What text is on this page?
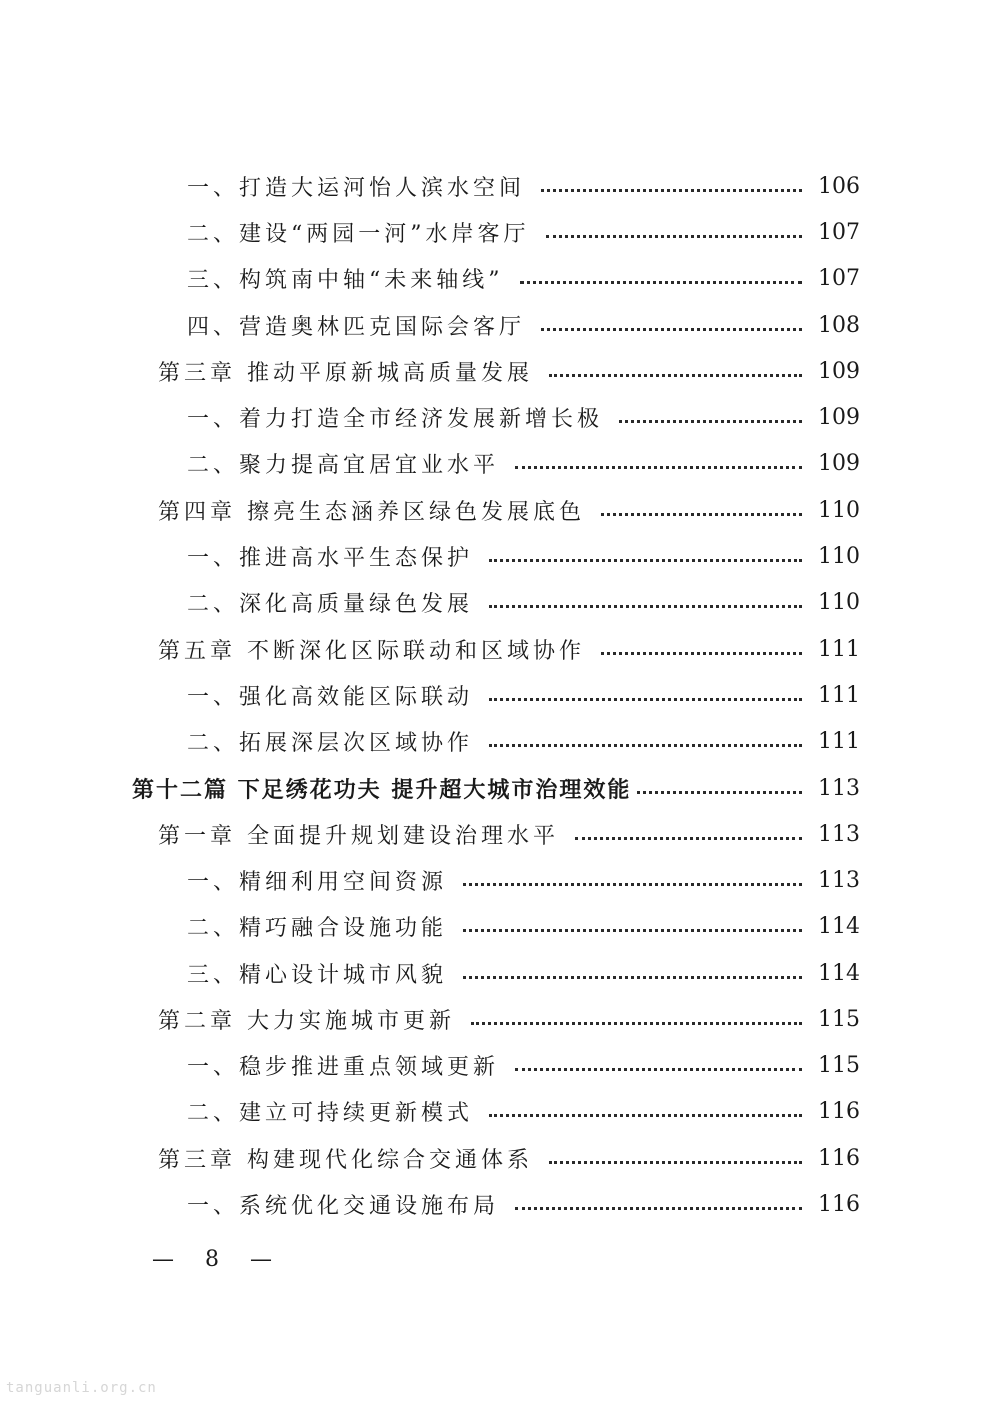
一、打造大运河怡人滨水空间	106
二、建设“两园一河”水岸客厅	107
三、构筑南中轴“未来轴线”	107
四、营造奥林匹克国际会客厅	108
第三章 推动平原新城高质量发展	109
一、着力打造全市经济发展新增长极	109
二、聚力提高宜居宜业水平	109
第四章 擦亮生态涵养区绿色发展底色	110
一、推进高水平生态保护	110
二、深化高质量绿色发展	110
第五章 不断深化区际联动和区域协作	111
一、强化高效能区际联动	111
二、拓展深层次区域协作	111
第十二篇 下足绣花功夫 提升超大城市治理效能	113
第一章 全面提升规划建设治理水平	113
一、精细利用空间资源	113
二、精巧融合设施功能	114
三、精心设计城市风貌	114
第二章 大力实施城市更新	115
一、稳步推进重点领域更新	115
二、建立可持续更新模式	116
第三章 构建现代化综合交通体系	116
一、系统优化交通设施布局	116
— 8 —
tanguanli.org.cn
